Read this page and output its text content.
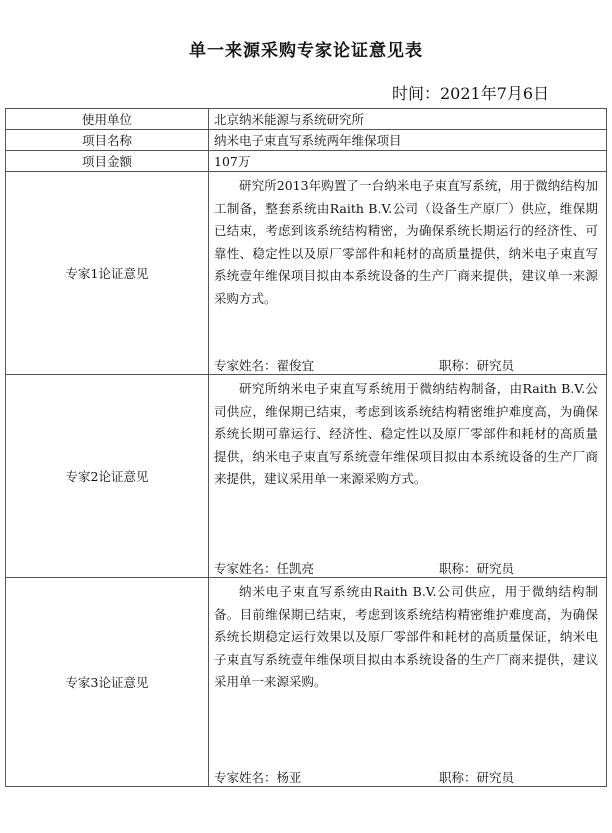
单一来源采购专家论证意见表
时间：2021年7月6日
使用单位	北京纳米能源与系统研究所
项目名称	纳米电子束直写系统两年维保项目
项目金额	107万
专家1论证意见	研究所2013年购置了一台纳米电子束直写系统，用于微纳结构加工制备，整套系统由Raith B.V.公司（设备生产原厂）供应，维保期已结束，考虑到该系统结构精密，为确保系统长期运行的经济性、可靠性、稳定性以及原厂零部件和耗材的高质量提供，纳米电子束直写系统壹年维保项目拟由本系统设备的生产厂商来提供，建议单一来源采购方式。

专家姓名：翟俊宜 职称：研究员

专家2论证意见	研究所纳米电子束直写系统用于微纳结构制备，由Raith B.V.公司供应，维保期已结束，考虑到该系统结构精密维护难度高，为确保系统长期可靠运行、经济性、稳定性以及原厂零部件和耗材的高质量提供，纳米电子束直写系统壹年维保项目拟由本系统设备的生产厂商来提供，建议采用单一来源采购方式。

专家姓名：任凯亮 职称：研究员

专家3论证意见	纳米电子束直写系统由Raith B.V.公司供应，用于微纳结构制备。目前维保期已结束，考虑到该系统结构精密维护难度高，为确保系统长期稳定运行效果以及原厂零部件和耗材的高质量保证，纳米电子束直写系统壹年维保项目拟由本系统设备的生产厂商来提供，建议采用单一来源采购。

专家姓名：杨亚 职称：研究员
